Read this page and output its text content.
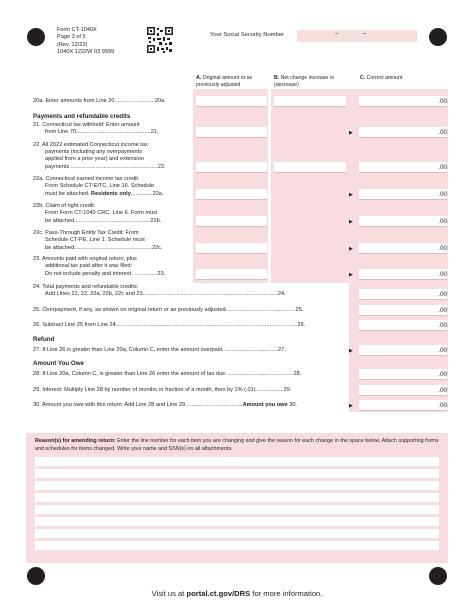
Form CT-1040X
Page 3 of 5
(Rev. 12/22)
1040X 1222W 03 9999
Your Social Security Number	–	–
A. Original amount or as previously adjusted
B. Net change increase or (decrease)
C. Correct amount
20a. Enter amounts from Line 20..........................20a.	.00
Payments and refundable credits
21. Connecticut tax withheld: Enter amount
from Line 70................................................21.	▶	.00
22. All 2022 estimated Connecticut income tax
payments (including any overpayments
applied from a prior year) and extension
payments ........................................................22.	.00
22a. Connecticut earned income tax credit:
From Schedule CT-EITC, Line 16. Schedule
must be attached. Residents only..............22a.	▶	.00
22b. Claim of right credit:
From Form CT-1040 CRC, Line 6. Form must
be attached.................................................22b.	▶	.00
22c. Pass-Through Entity Tax Credit: From
Schedule CT-PE, Line 1. Schedule must
be attached..................................................22c.	▶	.00
23. Amounts paid with original return, plus
additional tax paid after it was filed:
Do not include penalty and interest. ...............23.	▶	.00
24. Total payments and refundable credits:
Add Lines 21, 22, 22a, 22b, 22c and 23.......................................................................................24.	.00
25. Overpayment, if any, as shown on original return or as previously adjusted.............................................25.	.00
26. Subtract Line 25 from Line 24.....................................................................................................................26.	.00
Refund
27. If Line 26 is greater than Line 20a, Column C, enter the amount overpaid. ..................................27.	▶	.00
Amount You Owe
28. If Line 20a, Column C, is greater than Line 26 enter the amount of tax due. ..........................................28.	.00
29. Interest: Multiply Line 28 by number of months or fraction of a month, then by 1% (.01)..................29.	.00
30. Amount you owe with this return: Add Line 28 and Line 29.....................................Amount you owe 30.	▶	.00
Reason(s) for amending return: Enter the line number for each item you are changing and give the reason for each change in the space below. Attach supporting forms and schedules for items changed. Write your name and SSN(s) on all attachments.
Visit us at portal.ct.gov/DRS for more information.
